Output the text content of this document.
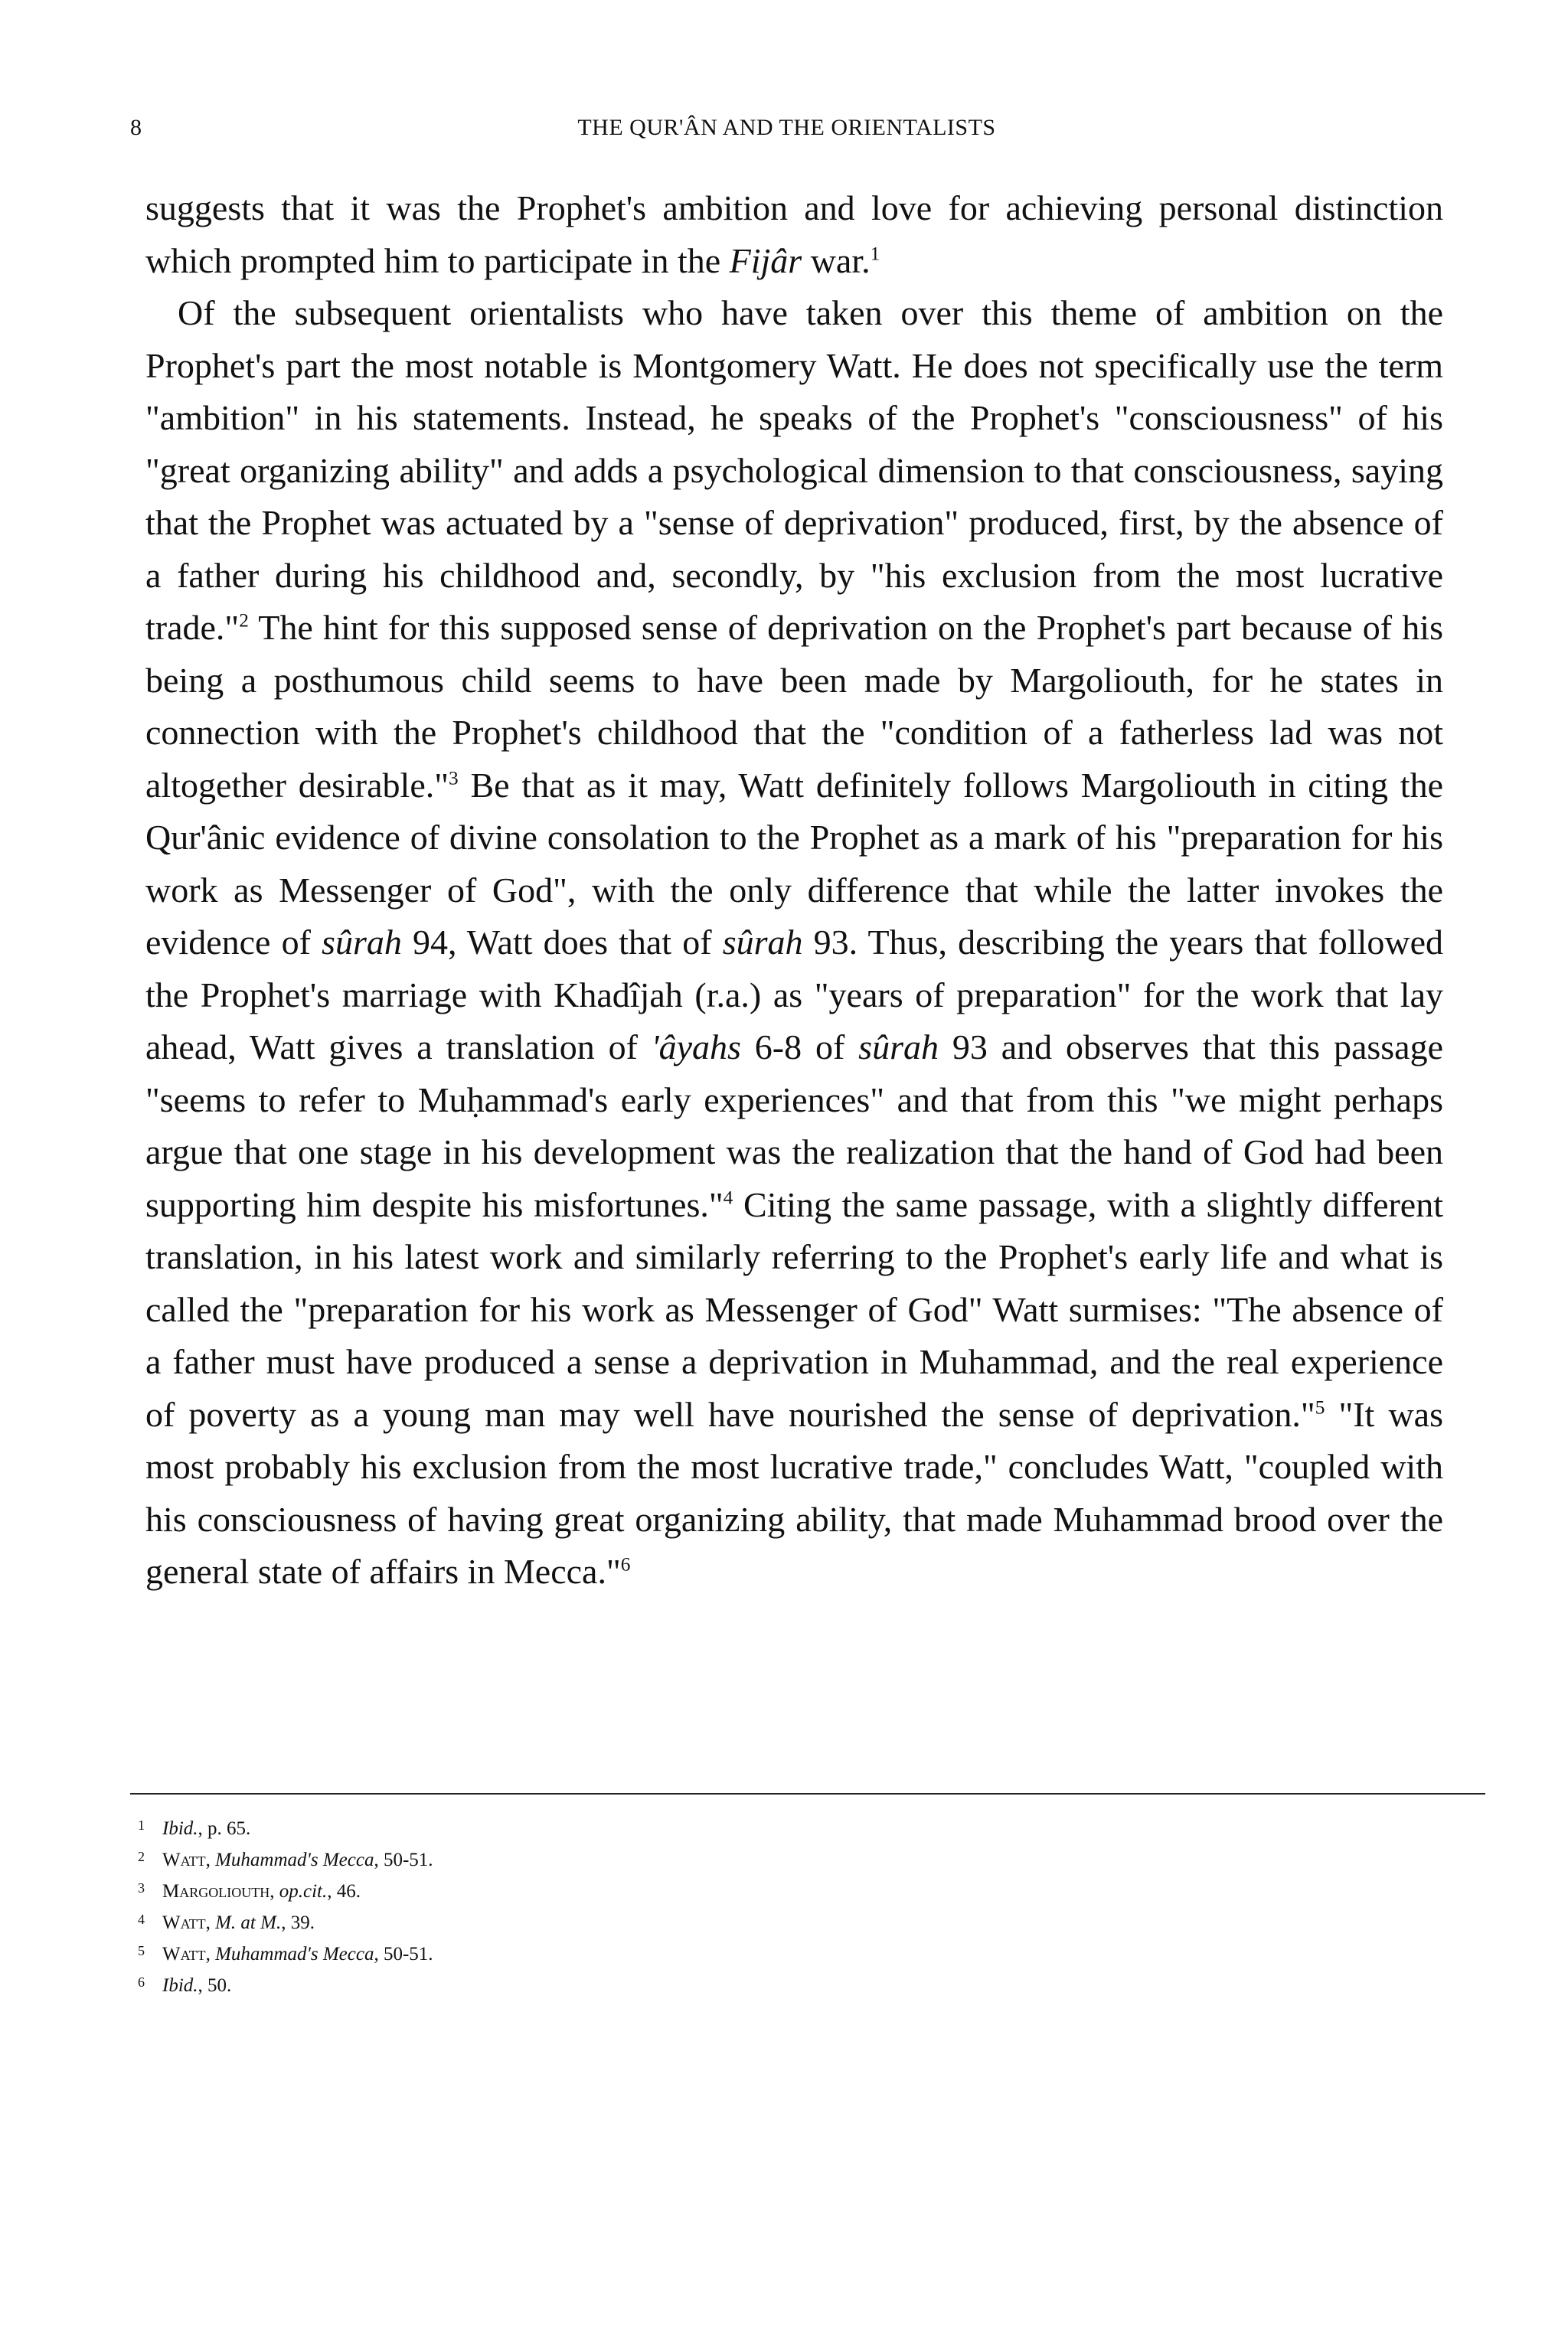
8	THE QUR'ÂN AND THE ORIENTALISTS

suggests that it was the Prophet's ambition and love for achieving personal distinction which prompted him to participate in the Fijâr war.$^1$

Of the subsequent orientalists who have taken over this theme of ambition on the Prophet's part the most notable is Montgomery Watt. He does not specifically use the term "ambition" in his statements. Instead, he speaks of the Prophet's "consciousness" of his "great organizing ability" and adds a psychological dimension to that consciousness, saying that the Prophet was actuated by a "sense of deprivation" produced, first, by the absence of a father during his childhood and, secondly, by "his exclusion from the most lucrative trade."$^2$ The hint for this supposed sense of deprivation on the Prophet's part because of his being a posthumous child seems to have been made by Margoliouth, for he states in connection with the Prophet's childhood that the "condition of a fatherless lad was not altogether desirable."$^3$ Be that as it may, Watt definitely follows Margoliouth in citing the Qur'ânic evidence of divine consolation to the Prophet as a mark of his "preparation for his work as Messenger of God", with the only difference that while the latter invokes the evidence of sûrah 94, Watt does that of sûrah 93. Thus, describing the years that followed the Prophet's marriage with Khadîjah (r.a.) as "years of preparation" for the work that lay ahead, Watt gives a translation of 'âyahs 6-8 of sûrah 93 and observes that this passage "seems to refer to Muḥammad's early experiences" and that from this "we might perhaps argue that one stage in his development was the realization that the hand of God had been supporting him despite his misfortunes."$^4$ Citing the same passage, with a slightly different translation, in his latest work and similarly referring to the Prophet's early life and what is called the "preparation for his work as Messenger of God" Watt surmises: "The absence of a father must have produced a sense a deprivation in Muhammad, and the real experience of poverty as a young man may well have nourished the sense of deprivation."$^5$ "It was most probably his exclusion from the most lucrative trade," concludes Watt, "coupled with his consciousness of having great organizing ability, that made Muhammad brood over the general state of affairs in Mecca."$^6$

1 Ibid., p. 65.
2 Watt, Muhammad's Mecca, 50-51.
3 Margoliouth, op.cit., 46.
4 Watt, M. at M., 39.
5 Watt, Muhammad's Mecca, 50-51.
6 Ibid., 50.
